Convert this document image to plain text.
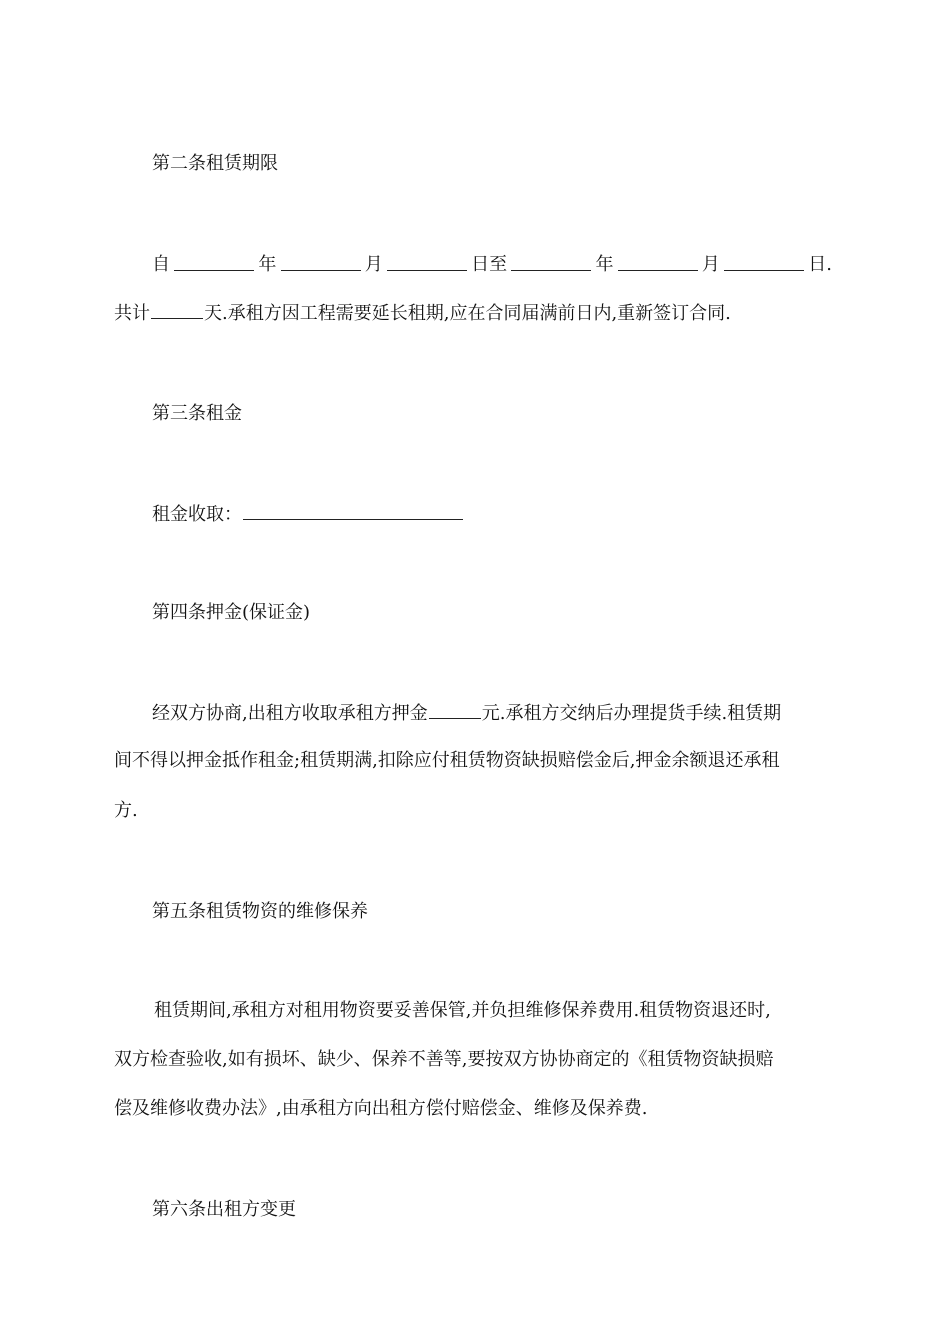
第二条租赁期限
自	年	月	日至	年	月	日.
共计	天.承租方因工程需要延长租期,应在合同届满前日内,重新签订合同.
第三条租金
租金收取：
第四条押金(保证金)
经双方协商,出租方收取承租方押金	元.承租方交纳后办理提货手续.租赁期
间不得以押金抵作租金;租赁期满,扣除应付租赁物资缺损赔偿金后,押金余额退还承租
方.
第五条租赁物资的维修保养
租赁期间,承租方对租用物资要妥善保管,并负担维修保养费用.租赁物资退还时,
双方检查验收,如有损坏、缺少、保养不善等,要按双方协协商定的《租赁物资缺损赔
偿及维修收费办法》,由承租方向出租方偿付赔偿金、维修及保养费.
第六条出租方变更
